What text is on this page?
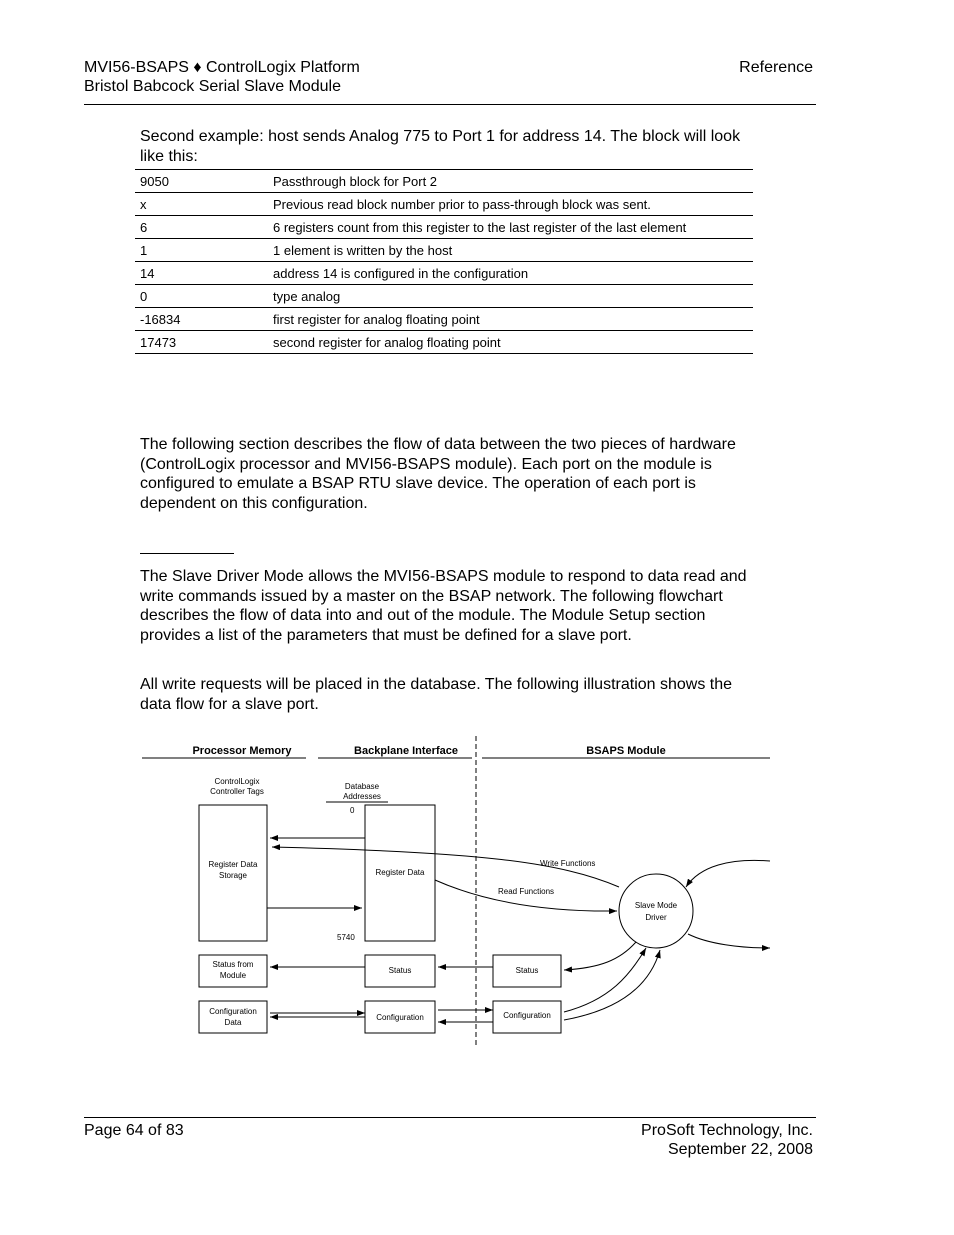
MVI56-BSAPS ♦ ControlLogix Platform
Bristol Babcock Serial Slave Module
Reference
Second example: host sends Analog 775 to Port 1 for address 14. The block will look like this:
9050	Passthrough block for Port 2
x	Previous read block number prior to pass-through block was sent.
6	6 registers count from this register to the last register of the last element
1	1 element is written by the host
14	address 14 is configured in the configuration
0	type analog
-16834	first register for analog floating point
17473	second register for analog floating point
The following section describes the flow of data between the two pieces of hardware (ControlLogix processor and MVI56-BSAPS module). Each port on the module is configured to emulate a BSAP RTU slave device. The operation of each port is dependent on this configuration.
The Slave Driver Mode allows the MVI56-BSAPS module to respond to data read and write commands issued by a master on the BSAP network. The following flowchart describes the flow of data into and out of the module. The Module Setup section provides a list of the parameters that must be defined for a slave port.
All write requests will be placed in the database. The following illustration shows the data flow for a slave port.
Processor Memory	Backplane Interface	BSAPS Module
ControlLogix
Controller Tags
Database
Addresses
0
5740
Register Data
Storage	Register Data
Write Functions
Read Functions
Slave Mode
Driver
Status from
Module
Status	Status
Configuration
Data
Configuration	Configuration
Page 64 of 83	ProSoft Technology, Inc.
September 22, 2008
